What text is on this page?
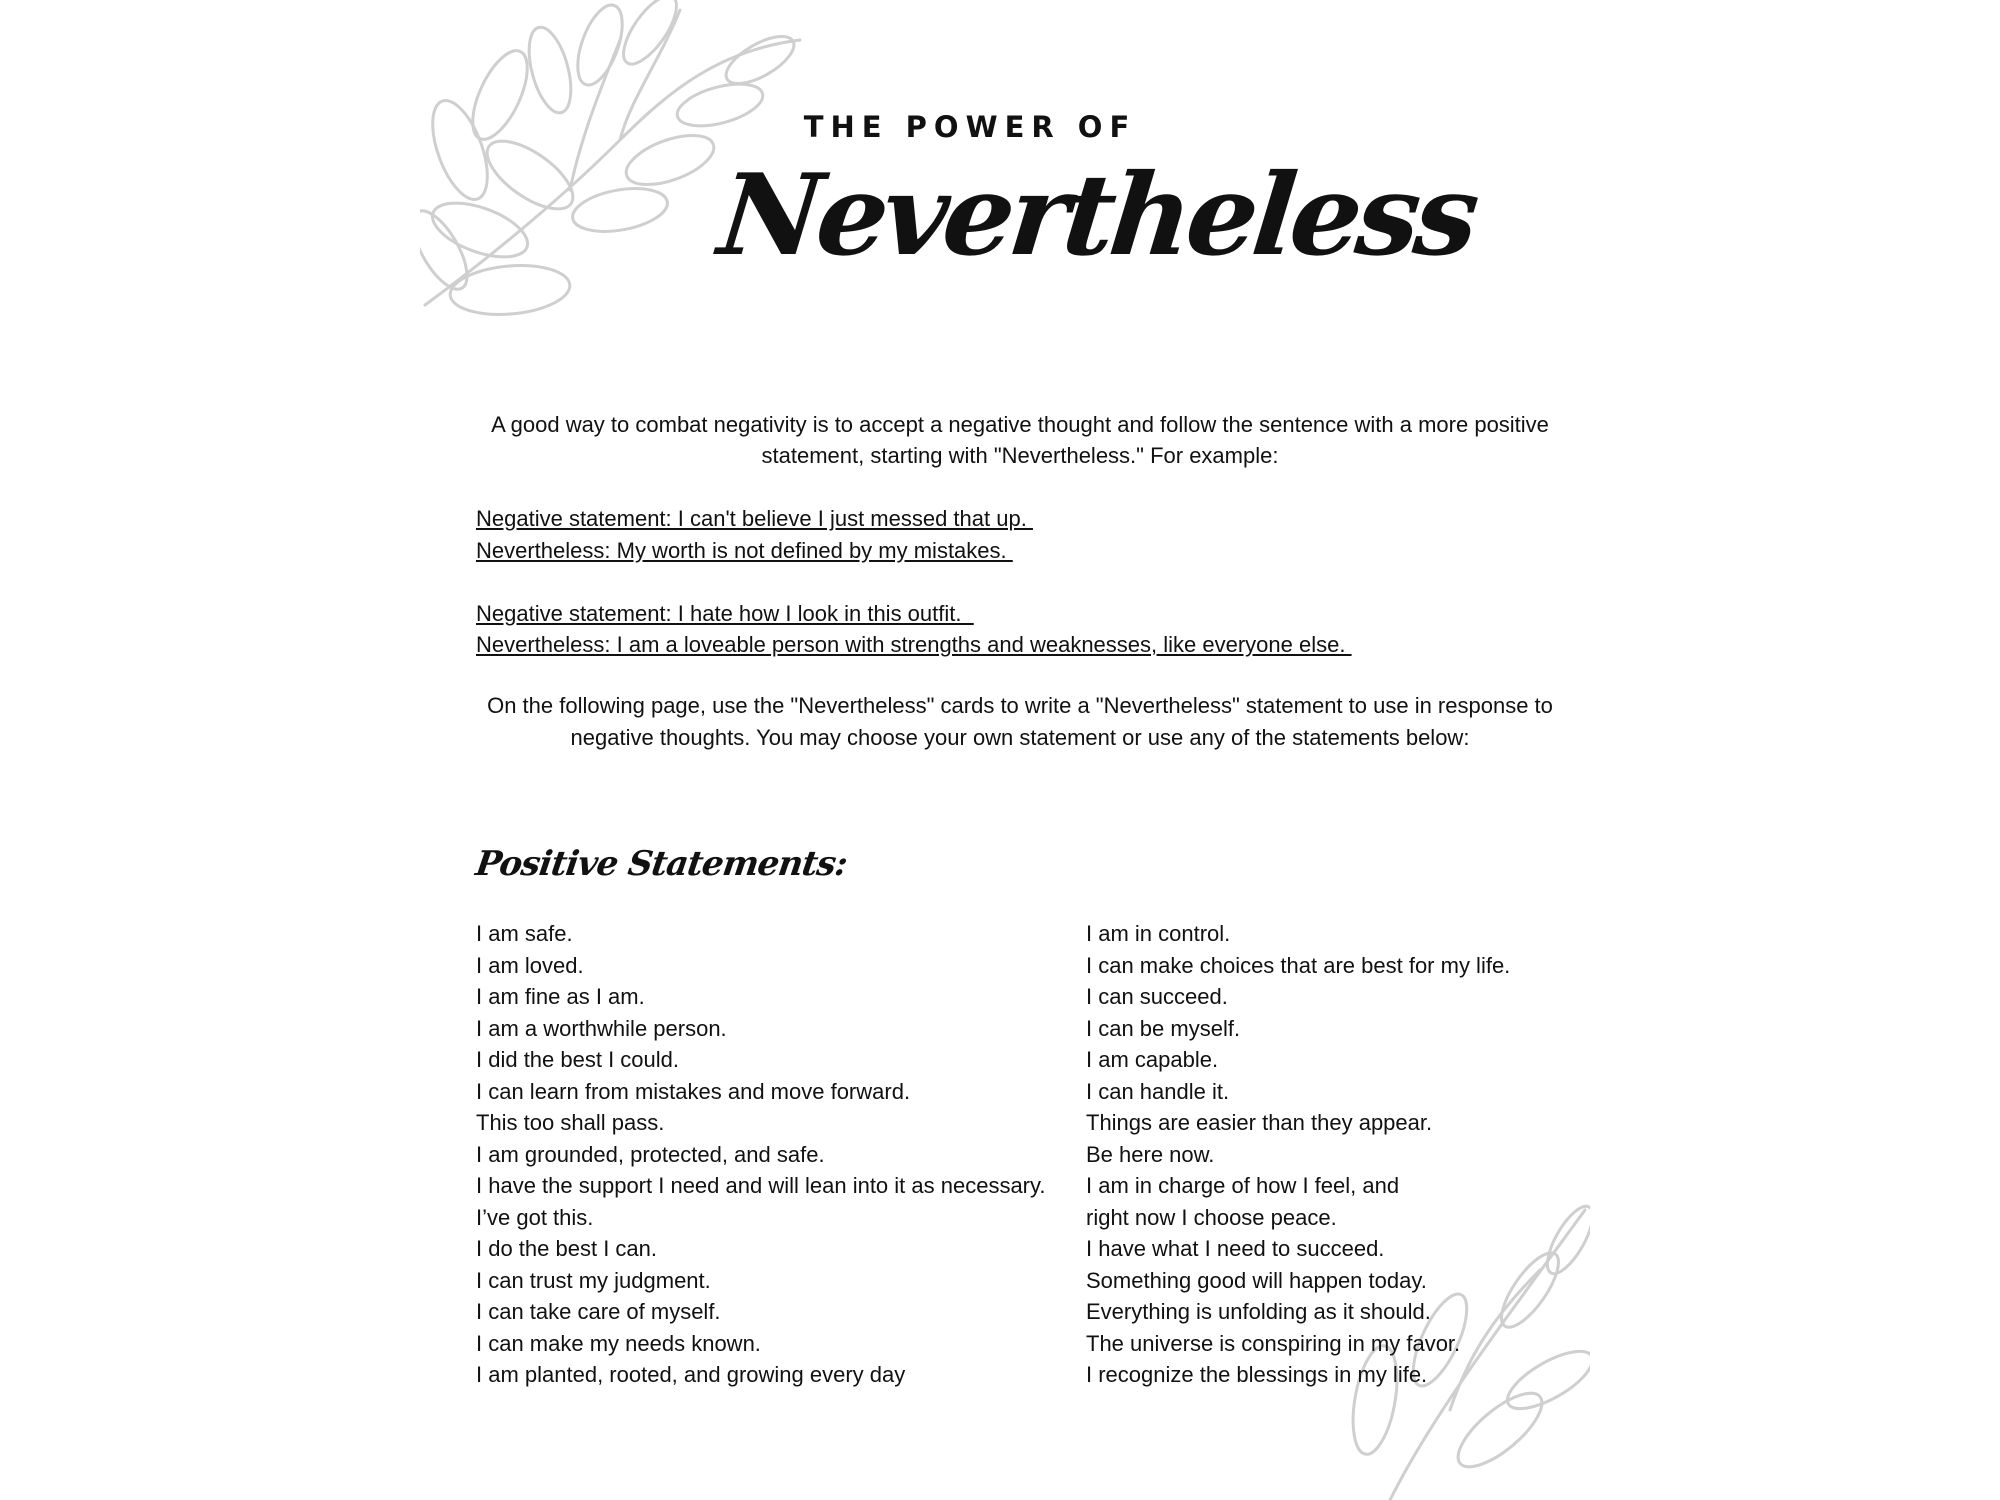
THE POWER OF
Nevertheless

A good way to combat negativity is to accept a negative thought and follow the sentence with a more positive statement, starting with "Nevertheless." For example:

Negative statement: I can't believe I just messed that up.
Nevertheless: My worth is not defined by my mistakes.
Negative statement: I hate how I look in this outfit.
Nevertheless: I am a loveable person with strengths and weaknesses, like everyone else.

On the following page, use the "Nevertheless" cards to write a "Nevertheless" statement to use in response to negative thoughts. You may choose your own statement or use any of the statements below:

Positive Statements:
I am safe.
I am loved.
I am fine as I am.
I am a worthwhile person.
I did the best I could.
I can learn from mistakes and move forward.
This too shall pass.
I am grounded, protected, and safe.
I have the support I need and will lean into it as necessary.
I’ve got this.
I do the best I can.
I can trust my judgment.
I can take care of myself.
I can make my needs known.
I am planted, rooted, and growing every day
I am in control.
I can make choices that are best for my life.
I can succeed.
I can be myself.
I am capable.
I can handle it.
Things are easier than they appear.
Be here now.
I am in charge of how I feel, and
right now I choose peace.
I have what I need to succeed.
Something good will happen today.
Everything is unfolding as it should.
The universe is conspiring in my favor.
I recognize the blessings in my life.
